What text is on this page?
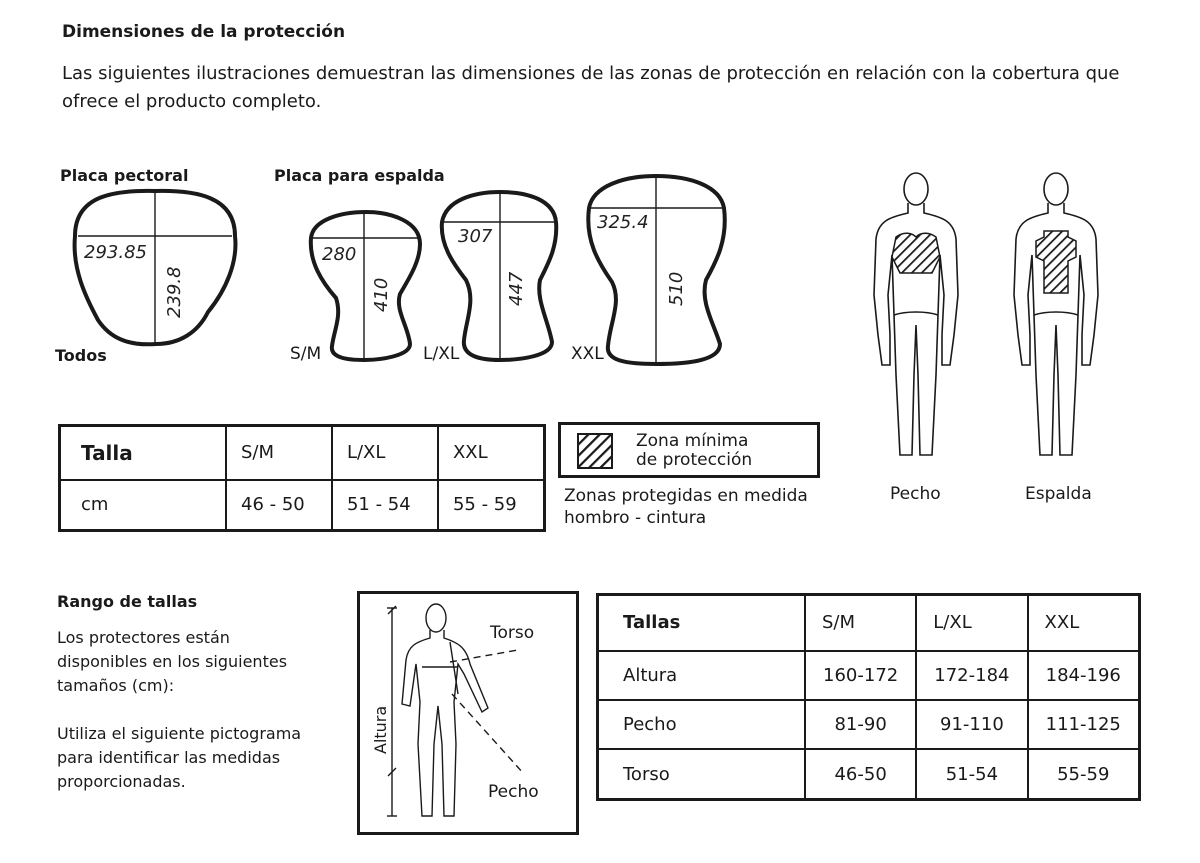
Dimensiones de la protección
Las siguientes ilustraciones demuestran las dimensiones de las zonas de protección en relación con la cobertura que ofrece el producto completo.
Placa pectoral	Placa para espalda
293.85
239.8
280
410
307
447
325.4
510
Todos	S/M	L/XL	XXL
Pecho	Espalda
Talla	S/M	L/XL	XXL
cm	46 - 50	51 - 54	55 - 59
Zona mínima
de protección
Zonas protegidas en medida
hombro - cintura
Rango de tallas
Los protectores están
disponibles en los siguientes
tamaños (cm):
Utiliza el siguiente pictograma
para identificar las medidas
proporcionadas.
Altura
Torso
Pecho
Tallas	S/M	L/XL	XXL
Altura	160-172	172-184	184-196
Pecho	81-90	91-110	111-125
Torso	46-50	51-54	55-59
